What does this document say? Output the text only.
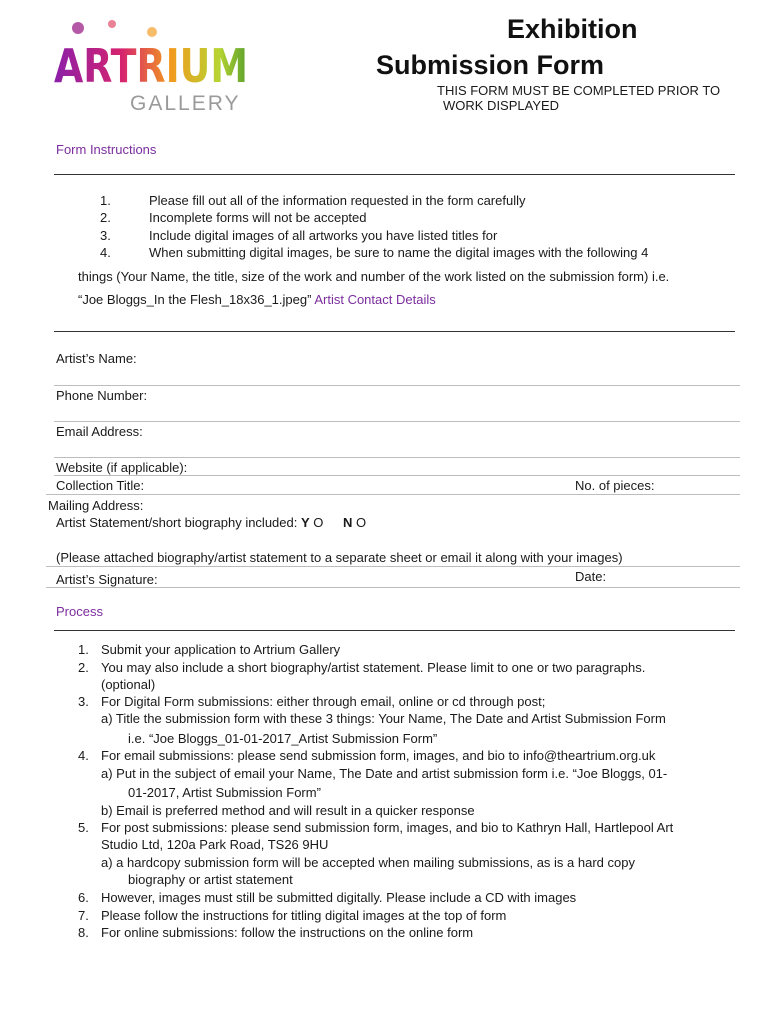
ARTRIUM
GALLERY
Exhibition
Submission Form
THIS FORM MUST BE COMPLETED PRIOR TO
WORK DISPLAYED
Form Instructions
1.	Please fill out all of the information requested in the form carefully
2.	Incomplete forms will not be accepted
3.	Include digital images of all artworks you have listed titles for
4.	When submitting digital images, be sure to name the digital images with the following 4
things (Your Name, the title, size of the work and number of the work listed on the submission form) i.e.
“Joe Bloggs_In the Flesh_18x36_1.jpeg” Artist Contact Details
Artist’s Name:
Phone Number:
Email Address:
Website (if applicable):
Collection Title:	No. of pieces:
Mailing Address:
Artist Statement/short biography included: Y O N O
(Please attached biography/artist statement to a separate sheet or email it along with your images)
Date:
Artist’s Signature:
Process
1. Submit your application to Artrium Gallery
2. You may also include a short biography/artist statement. Please limit to one or two paragraphs.
(optional)
3. For Digital Form submissions: either through email, online or cd through post;
a) Title the submission form with these 3 things: Your Name, The Date and Artist Submission Form
i.e. “Joe Bloggs_01-01-2017_Artist Submission Form”
4. For email submissions: please send submission form, images, and bio to info@theartrium.org.uk
a) Put in the subject of email your Name, The Date and artist submission form i.e. “Joe Bloggs, 01-
01-2017, Artist Submission Form”
b) Email is preferred method and will result in a quicker response
5. For post submissions: please send submission form, images, and bio to Kathryn Hall, Hartlepool Art
Studio Ltd, 120a Park Road, TS26 9HU
a) a hardcopy submission form will be accepted when mailing submissions, as is a hard copy
biography or artist statement
6. However, images must still be submitted digitally. Please include a CD with images
7. Please follow the instructions for titling digital images at the top of form
8. For online submissions: follow the instructions on the online form
